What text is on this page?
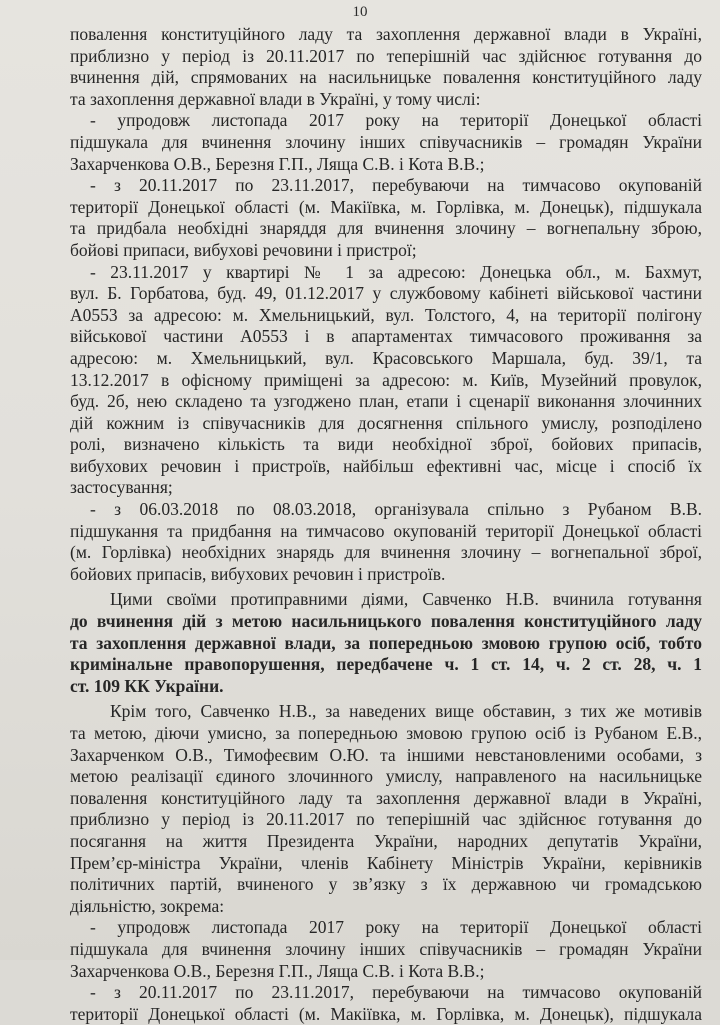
10

повалення конституційного ладу та захоплення державної влади в Україні,

приблизно у період із 20.11.2017 по теперішній час здійснює готування до

вчинення дій, спрямованих на насильницьке повалення конституційного ладу

та захоплення державної влади в Україні, у тому числі:

- упродовж листопада 2017 року на території Донецької області

підшукала для вчинення злочину інших співучасників – громадян України

Захарченкова О.В., Березня Г.П., Ляща С.В. і Кота В.В.;

- з 20.11.2017 по 23.11.2017, перебуваючи на тимчасово окупованій

території Донецької області (м. Макіївка, м. Горлівка, м. Донецьк), підшукала

та придбала необхідні знаряддя для вчинення злочину – вогнепальну зброю,

бойові припаси, вибухові речовини і пристрої;

- 23.11.2017 у квартирі № 1 за адресою: Донецька обл., м. Бахмут,

вул. Б. Горбатова, буд. 49, 01.12.2017 у службовому кабінеті військової частини

А0553 за адресою: м. Хмельницький, вул. Толстого, 4, на території полігону

військової частини А0553 і в апартаментах тимчасового проживання за

адресою: м. Хмельницький, вул. Красовського Маршала, буд. 39/1, та

13.12.2017 в офісному приміщені за адресою: м. Київ, Музейний провулок,

буд. 2б, нею складено та узгоджено план, етапи і сценарії виконання злочинних

дій кожним із співучасників для досягнення спільного умислу, розподілено

ролі, визначено кількість та види необхідної зброї, бойових припасів,

вибухових речовин і пристроїв, найбільш ефективні час, місце і спосіб їх

застосування;

- з 06.03.2018 по 08.03.2018, організувала спільно з Рубаном В.В.

підшукання та придбання на тимчасово окупованій території Донецької області

(м. Горлівка) необхідних знарядь для вчинення злочину – вогнепальної зброї,

бойових припасів, вибухових речовин і пристроїв.

Цими своїми протиправними діями, Савченко Н.В. вчинила готування

до вчинення дій з метою насильницького повалення конституційного ладу

та захоплення державної влади, за попередньою змовою групою осіб, тобто

кримінальне правопорушення, передбачене ч. 1 ст. 14, ч. 2 ст. 28, ч. 1

ст. 109 КК України.

Крім того, Савченко Н.В., за наведених вище обставин, з тих же мотивів

та метою, діючи умисно, за попередньою змовою групою осіб із Рубаном Е.В.,

Захарченком О.В., Тимофеєвим О.Ю. та іншими невстановленими особами, з

метою реалізації єдиного злочинного умислу, направленого на насильницьке

повалення конституційного ладу та захоплення державної влади в Україні,

приблизно у період із 20.11.2017 по теперішній час здійснює готування до

посягання на життя Президента України, народних депутатів України,

Прем’єр-міністра України, членів Кабінету Міністрів України, керівників

політичних партій, вчиненого у зв’язку з їх державною чи громадською

діяльністю, зокрема:

- упродовж листопада 2017 року на території Донецької області

підшукала для вчинення злочину інших співучасників – громадян України

Захарченкова О.В., Березня Г.П., Ляща С.В. і Кота В.В.;

- з 20.11.2017 по 23.11.2017, перебуваючи на тимчасово окупованій

території Донецької області (м. Макіївка, м. Горлівка, м. Донецьк), підшукала
